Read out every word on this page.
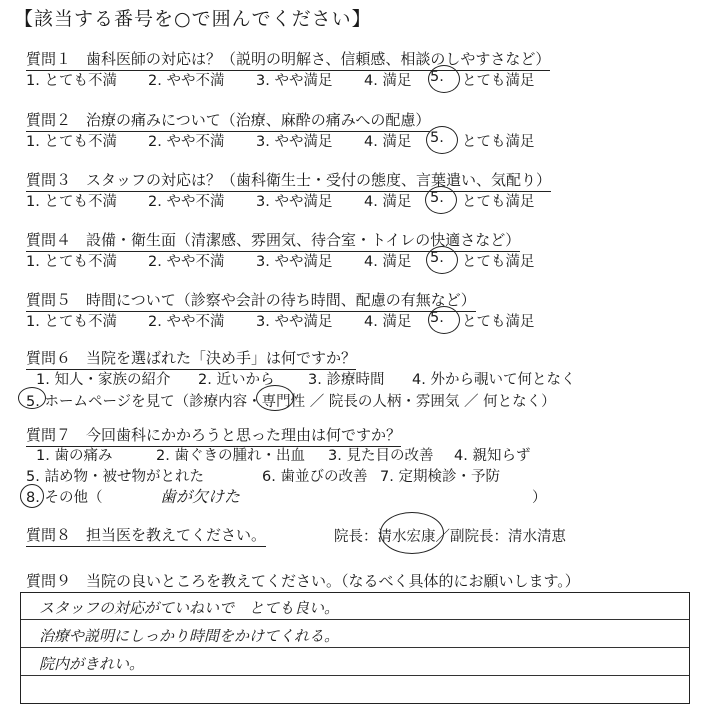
【該当する番号を○で囲んでください】
質問１　歯科医師の対応は？（説明の明解さ、信頼感、相談のしやすさなど）
1. とても不満 2. やや不満 3. やや満足 4. 満足 5. とても満足
質問２　治療の痛みについて（治療、麻酔の痛みへの配慮）
1. とても不満 2. やや不満 3. やや満足 4. 満足 5. とても満足
質問３　スタッフの対応は？（歯科衛生士・受付の態度、言葉遣い、気配り）
1. とても不満 2. やや不満 3. やや満足 4. 満足 5. とても満足
質問４　設備・衛生面（清潔感、雰囲気、待合室・トイレの快適さなど）
1. とても不満 2. やや不満 3. やや満足 4. 満足 5. とても満足
質問５　時間について（診察や会計の待ち時間、配慮の有無など）
1. とても不満 2. やや不満 3. やや満足 4. 満足 5. とても満足
質問６　当院を選ばれた「決め手」は何ですか？
1. 知人・家族の紹介 2. 近いから 3. 診療時間 4. 外から覗いて何となく
5. ホームページを見て（診療内容・専門性 ／ 院長の人柄・雰囲気 ／ 何となく）
質問７　今回歯科にかかろうと思った理由は何ですか？
1. 歯の痛み	2. 歯ぐきの腫れ・出血 3. 見た目の改善 4. 親知らず
5. 詰め物・被せ物がとれた	6. 歯並びの改善 7. 定期検診・予防
8. その他（	歯が欠けた	）
質問８　担当医を教えてください。	院長：清水宏康／副院長：清水清恵
質問９　当院の良いところを教えてください。（なるべく具体的にお願いします。）
スタッフの対応がていねいで　とても良い。
治療や説明にしっかり時間をかけてくれる。
院内がきれい。
